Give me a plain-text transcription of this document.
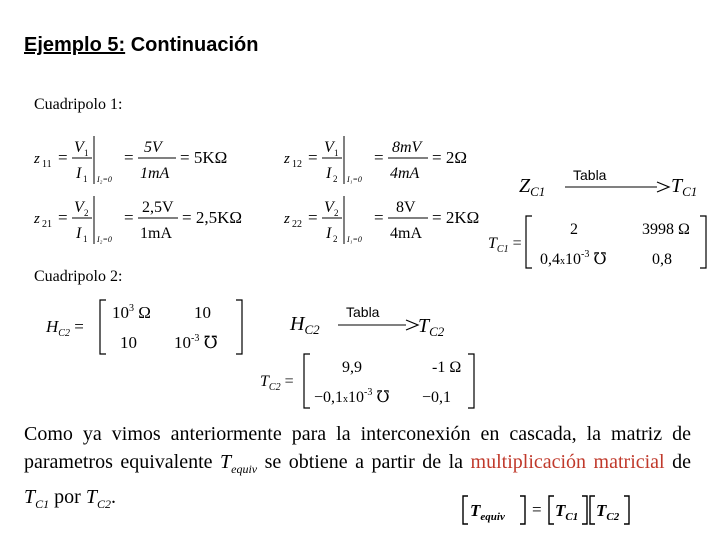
Ejemplo 5: Continuación
Cuadripolo 1:
z 11 =
V 1
I 1 I₂=0
=
5V
1mA
= 5KΩ	z 12 =
V 1
I 2 I₁=0
=
8mV
4mA
= 2Ω
z 21 =
V 2
I 1 I₂=0
=
2,5V
1mA
= 2,5KΩ	z 22 =
V 2
I 2 I₁=0
=
8V
4mA
= 2KΩ
$Z_{C1}$
Tabla	$T_{C1}$
$T_{C1}$ =
2	3998 Ω
$0,4x10^{-3}$ ℧	0,8
Cuadripolo 2:
$H_{C2}$ =
$10^3$ Ω	10
10 $10^{-3}$ ℧
$H_{C2}$
Tabla
$T_{C2}$
$T_{C2}$ =
9,9	-1 Ω
$-0,1x10^{-3}$ ℧ −0,1
Como ya vimos anteriormente para la interconexión en cascada, la matriz de parametros equivalente $T_{equiv}$ se obtiene a partir de la multiplicación matricial de $T_{C1}$ por $T_{C2}$.
$T_{equiv} = T_{C1}$ $T_{C2}$
